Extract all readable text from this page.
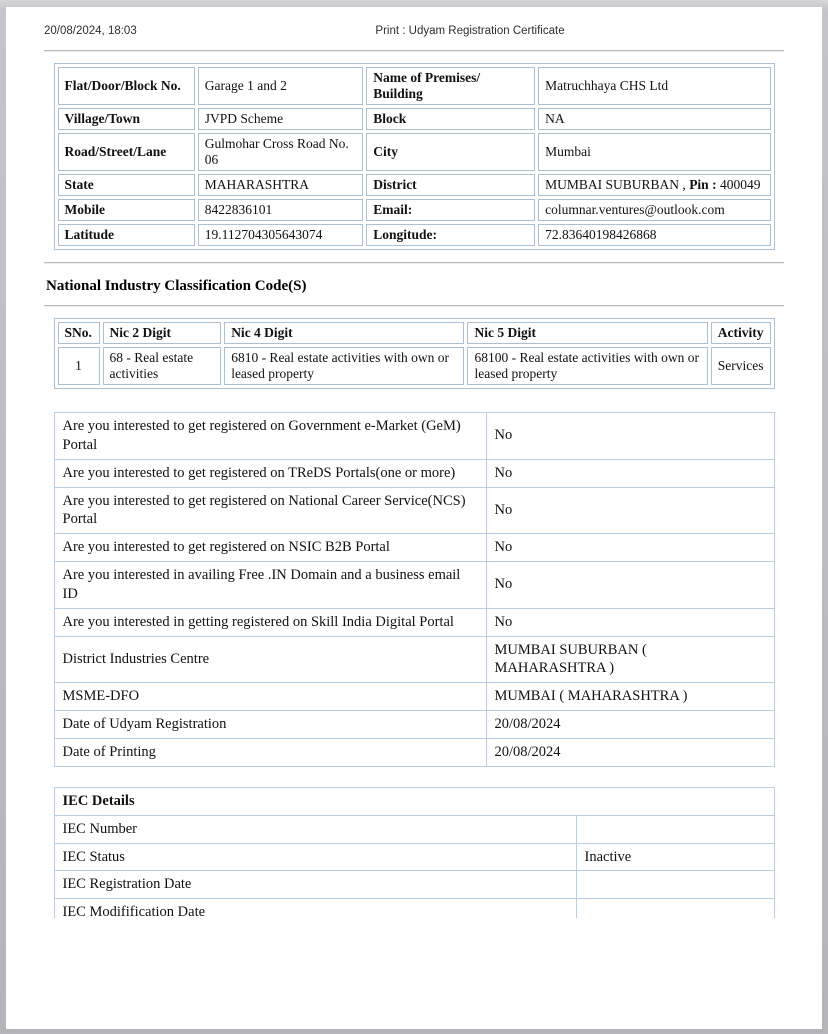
20/08/2024, 18:03	Print : Udyam Registration Certificate
Flat/Door/Block No.	Garage 1 and 2	Name of Premises/ Building	Matruchhaya CHS Ltd
Village/Town	JVPD Scheme	Block	NA
Road/Street/Lane	Gulmohar Cross Road No. 06	City	Mumbai
State	MAHARASHTRA	District	MUMBAI SUBURBAN , Pin : 400049
Mobile	8422836101	Email:	columnar.ventures@outlook.com
Latitude	19.112704305643074	Longitude:	72.83640198426868
National Industry Classification Code(S)
SNo.	Nic 2 Digit	Nic 4 Digit	Nic 5 Digit	Activity
1	68 - Real estate activities	6810 - Real estate activities with own or leased property	68100 - Real estate activities with own or leased property	Services
Are you interested to get registered on Government e-Market (GeM) Portal	No
Are you interested to get registered on TReDS Portals(one or more)	No
Are you interested to get registered on National Career Service(NCS) Portal	No
Are you interested to get registered on NSIC B2B Portal	No
Are you interested in availing Free .IN Domain and a business email ID	No
Are you interested in getting registered on Skill India Digital Portal	No
District Industries Centre	MUMBAI SUBURBAN ( MAHARASHTRA )
MSME-DFO	MUMBAI ( MAHARASHTRA )
Date of Udyam Registration	20/08/2024
Date of Printing	20/08/2024
IEC Details	
IEC Number	
IEC Status	Inactive
IEC Registration Date	
IEC Modifification Date	
